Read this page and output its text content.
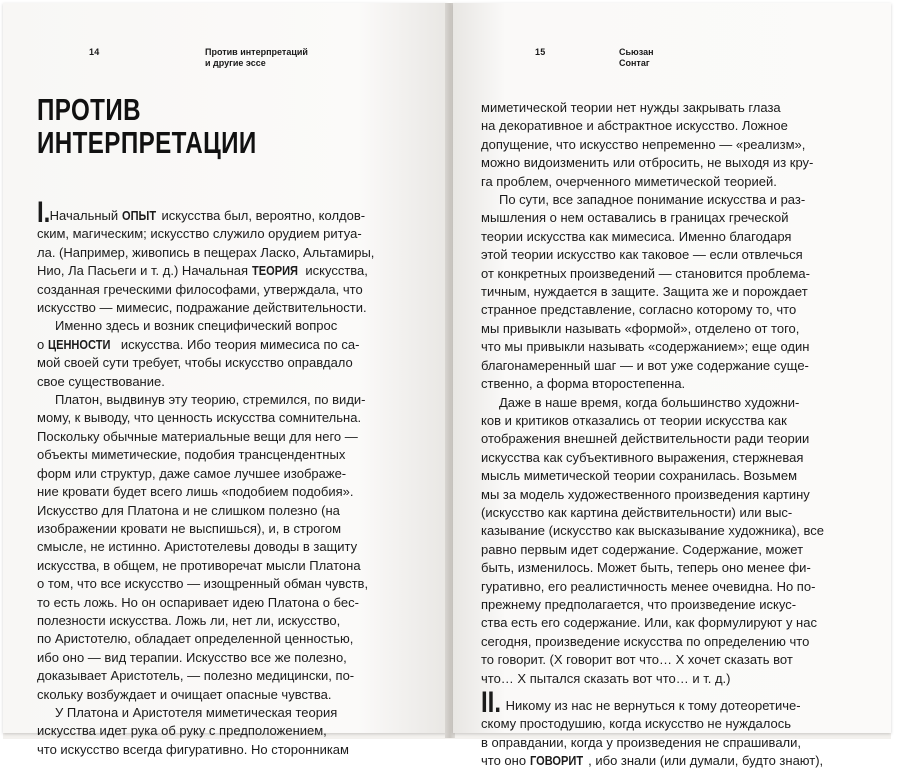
14	Против интерпретаций
и другие эссе
ПРОТИВ
ИНТЕРПРЕТАЦИИ

I.Начальный ОПЫТ искусства был, вероятно, колдов-
ским, магическим; искусство служило орудием ритуа-
ла. (Например, живопись в пещерах Ласко, Альтамиры,
Нио, Ла Пасьеги и т. д.) Начальная ТЕОРИЯ искусства,
созданная греческими философами, утверждала, что
искусство — мимесис, подражание действительности.

Именно здесь и возник специфический вопрос
о ЦЕННОСТИ искусства. Ибо теория мимесиса по са-
мой своей сути требует, чтобы искусство оправдало
свое существование.

Платон, выдвинув эту теорию, стремился, по види-
мому, к выводу, что ценность искусства сомнительна.
Поскольку обычные материальные вещи для него —
объекты миметические, подобия трансцендентных
форм или структур, даже самое лучшее изображе-
ние кровати будет всего лишь «подобием подобия».
Искусство для Платона и не слишком полезно (на
изображении кровати не выспишься), и, в строгом
смысле, не истинно. Аристотелевы доводы в защиту
искусства, в общем, не противоречат мысли Платона
о том, что все искусство — изощренный обман чувств,
то есть ложь. Но он оспаривает идею Платона о бес-
полезности искусства. Ложь ли, нет ли, искусство,
по Аристотелю, обладает определенной ценностью,
ибо оно — вид терапии. Искусство все же полезно,
доказывает Аристотель, — полезно медицински, по-
скольку возбуждает и очищает опасные чувства.

У Платона и Аристотеля миметическая теория
искусства идет рука об руку с предположением,
что искусство всегда фигуративно. Но сторонникам

15	Сьюзан
Сонтаг

миметической теории нет нужды закрывать глаза
на декоративное и абстрактное искусство. Ложное
допущение, что искусство непременно — «реализм»,
можно видоизменить или отбросить, не выходя из кру-
га проблем, очерченного миметической теорией.

По сути, все западное понимание искусства и раз-
мышления о нем оставались в границах греческой
теории искусства как мимесиса. Именно благодаря
этой теории искусство как таковое — если отвлечься
от конкретных произведений — становится проблема-
тичным, нуждается в защите. Защита же и порождает
странное представление, согласно которому то, что
мы привыкли называть «формой», отделено от того,
что мы привыкли называть «содержанием»; еще один
благонамеренный шаг — и вот уже содержание суще-
ственно, а форма второстепенна.

Даже в наше время, когда большинство художни-
ков и критиков отказались от теории искусства как
отображения внешней действительности ради теории
искусства как субъективного выражения, стержневая
мысль миметической теории сохранилась. Возьмем
мы за модель художественного произведения картину
(искусство как картина действительности) или выс-
казывание (искусство как высказывание художника), все
равно первым идет содержание. Содержание, может
быть, изменилось. Может быть, теперь оно менее фи-
гуративно, его реалистичность менее очевидна. Но по-
прежнему предполагается, что произведение искус-
ства есть его содержание. Или, как формулируют у нас
сегодня, произведение искусства по определению что
то говорит. (X говорит вот что… X хочет сказать вот
что… X пытался сказать вот что… и т. д.)

II. Никому из нас не вернуться к тому дотеоретиче-
скому простодушию, когда искусство не нуждалось
в оправдании, когда у произведения не спрашивали,
что оно ГОВОРИТ , ибо знали (или думали, будто знают),
